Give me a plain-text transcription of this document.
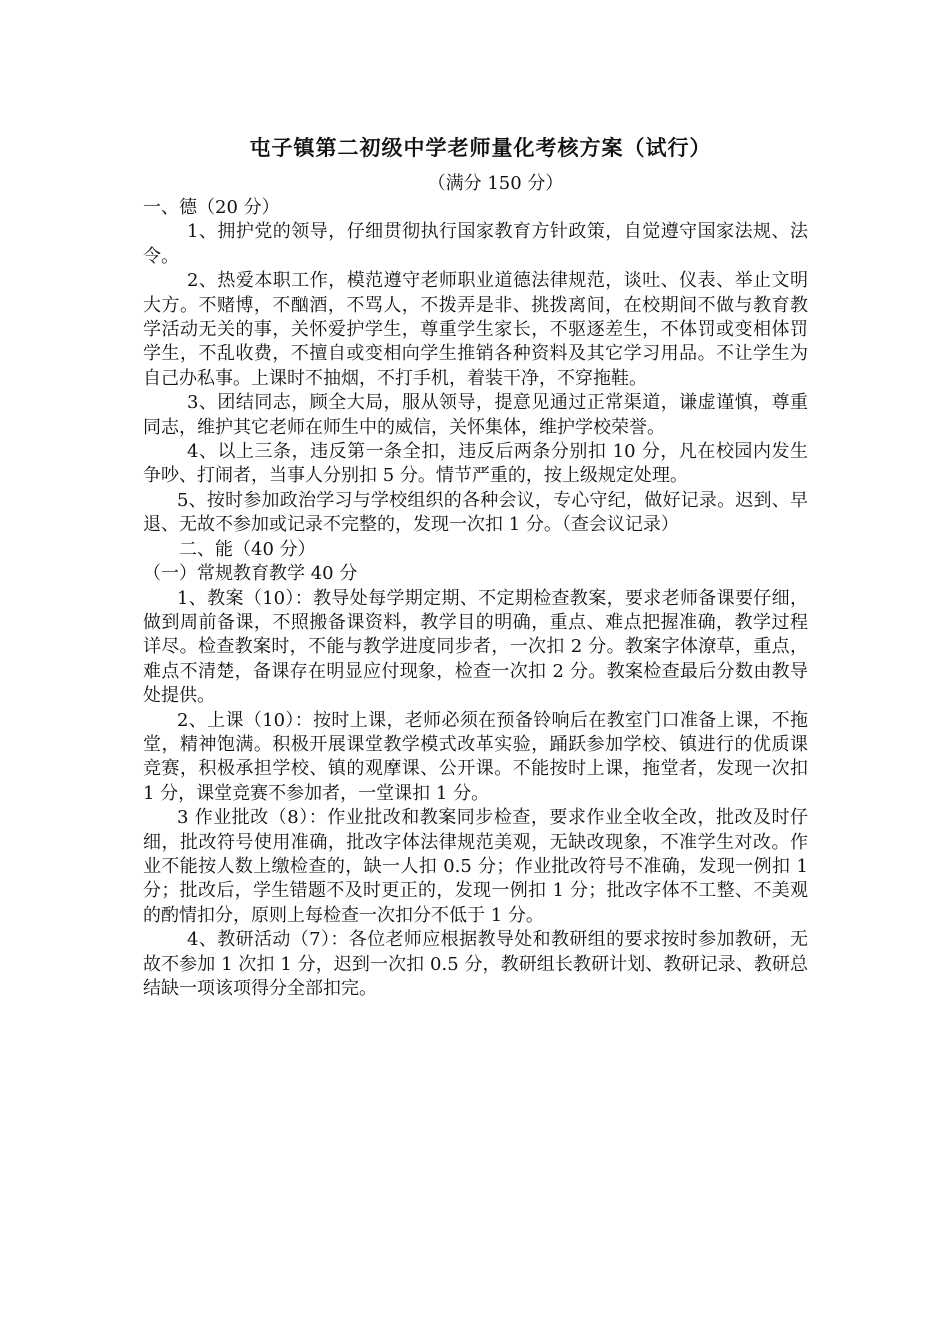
屯子镇第二初级中学老师量化考核方案（试行）
（满分 150 分）
一、德（20 分）
1、拥护党的领导，仔细贯彻执行国家教育方针政策，自觉遵守国家法规、法令。
2、热爱本职工作，模范遵守老师职业道德法律规范，谈吐、仪表、举止文明大方。不赌博，不酗酒，不骂人，不拨弄是非、挑拨离间，在校期间不做与教育教学活动无关的事，关怀爱护学生，尊重学生家长，不驱逐差生，不体罚或变相体罚学生，不乱收费，不擅自或变相向学生推销各种资料及其它学习用品。不让学生为自己办私事。上课时不抽烟，不打手机，着装干净，不穿拖鞋。
3、团结同志，顾全大局，服从领导，提意见通过正常渠道，谦虚谨慎，尊重同志，维护其它老师在师生中的威信，关怀集体，维护学校荣誉。
4、以上三条，违反第一条全扣，违反后两条分别扣 10 分，凡在校园内发生争吵、打闹者，当事人分别扣 5 分。情节严重的，按上级规定处理。
5、按时参加政治学习与学校组织的各种会议，专心守纪，做好记录。迟到、早退、无故不参加或记录不完整的，发现一次扣 1 分。（查会议记录）
二、能（40 分）
（一）常规教育教学 40 分
1、教案（10）：教导处每学期定期、不定期检查教案，要求老师备课要仔细，做到周前备课，不照搬备课资料，教学目的明确，重点、难点把握准确，教学过程详尽。检查教案时，不能与教学进度同步者，一次扣 2 分。教案字体潦草，重点，难点不清楚，备课存在明显应付现象，检查一次扣 2 分。教案检查最后分数由教导处提供。
2、上课（10）：按时上课，老师必须在预备铃响后在教室门口准备上课，不拖堂，精神饱满。积极开展课堂教学模式改革实验，踊跃参加学校、镇进行的优质课竞赛，积极承担学校、镇的观摩课、公开课。不能按时上课，拖堂者，发现一次扣 1 分，课堂竞赛不参加者，一堂课扣 1 分。
3 作业批改（8）：作业批改和教案同步检查，要求作业全收全改，批改及时仔细，批改符号使用准确，批改字体法律规范美观，无缺改现象，不准学生对改。作业不能按人数上缴检查的，缺一人扣 0.5 分；作业批改符号不准确，发现一例扣 1 分；批改后，学生错题不及时更正的，发现一例扣 1 分；批改字体不工整、不美观的酌情扣分，原则上每检查一次扣分不低于 1 分。
4、教研活动（7）：各位老师应根据教导处和教研组的要求按时参加教研，无故不参加 1 次扣 1 分，迟到一次扣 0.5 分，教研组长教研计划、教研记录、教研总结缺一项该项得分全部扣完。
